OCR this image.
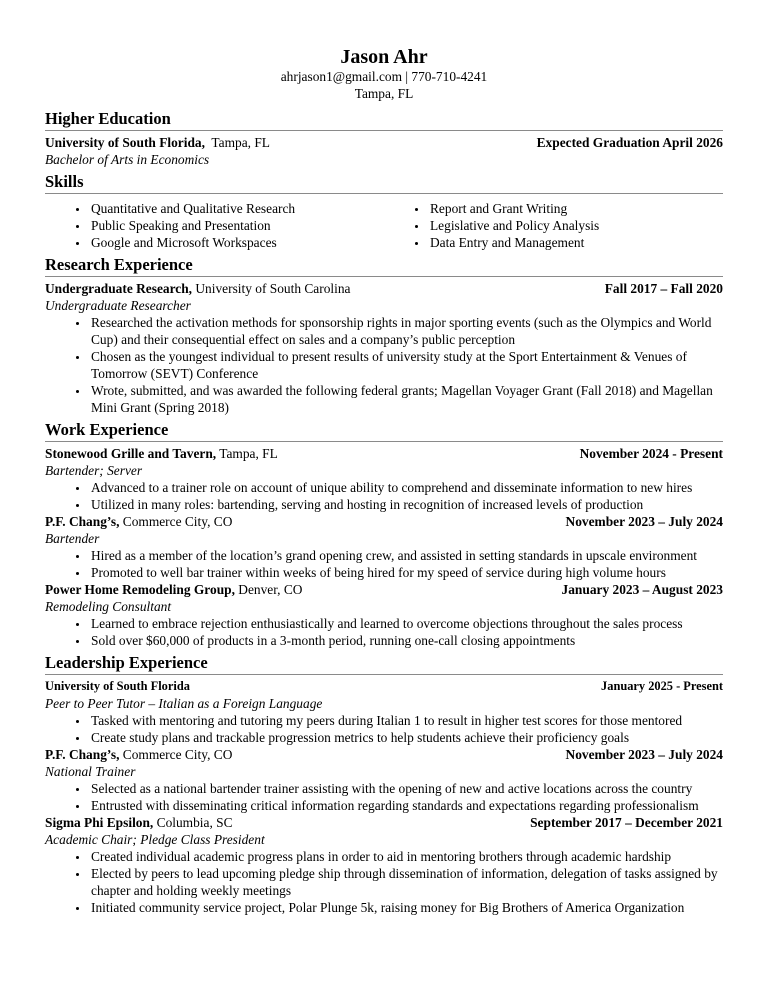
Jason Ahr
ahrjason1@gmail.com | 770-710-4241
Tampa, FL
Higher Education
University of South Florida, Tampa, FL	Expected Graduation April 2026
Bachelor of Arts in Economics
Skills
• Quantitative and Qualitative Research
• Public Speaking and Presentation
• Google and Microsoft Workspaces
• Report and Grant Writing
• Legislative and Policy Analysis
• Data Entry and Management
Research Experience
Undergraduate Research, University of South Carolina	Fall 2017 – Fall 2020
Undergraduate Researcher
• Researched the activation methods for sponsorship rights in major sporting events (such as the Olympics and World Cup) and their consequential effect on sales and a company’s public perception
• Chosen as the youngest individual to present results of university study at the Sport Entertainment & Venues of Tomorrow (SEVT) Conference
• Wrote, submitted, and was awarded the following federal grants; Magellan Voyager Grant (Fall 2018) and Magellan Mini Grant (Spring 2018)
Work Experience
Stonewood Grille and Tavern, Tampa, FL	November 2024 - Present
Bartender; Server
• Advanced to a trainer role on account of unique ability to comprehend and disseminate information to new hires
• Utilized in many roles: bartending, serving and hosting in recognition of increased levels of production
P.F. Chang’s, Commerce City, CO	November 2023 – July 2024
Bartender
• Hired as a member of the location’s grand opening crew, and assisted in setting standards in upscale environment
• Promoted to well bar trainer within weeks of being hired for my speed of service during high volume hours
Power Home Remodeling Group, Denver, CO	January 2023 – August 2023
Remodeling Consultant
• Learned to embrace rejection enthusiastically and learned to overcome objections throughout the sales process
• Sold over $60,000 of products in a 3-month period, running one-call closing appointments
Leadership Experience
University of South Florida	January 2025 - Present
Peer to Peer Tutor – Italian as a Foreign Language
• Tasked with mentoring and tutoring my peers during Italian 1 to result in higher test scores for those mentored
• Create study plans and trackable progression metrics to help students achieve their proficiency goals
P.F. Chang’s, Commerce City, CO	November 2023 – July 2024
National Trainer
• Selected as a national bartender trainer assisting with the opening of new and active locations across the country
• Entrusted with disseminating critical information regarding standards and expectations regarding professionalism
Sigma Phi Epsilon, Columbia, SC	September 2017 – December 2021
Academic Chair; Pledge Class President
• Created individual academic progress plans in order to aid in mentoring brothers through academic hardship
• Elected by peers to lead upcoming pledge ship through dissemination of information, delegation of tasks assigned by chapter and holding weekly meetings
• Initiated community service project, Polar Plunge 5k, raising money for Big Brothers of America Organization
